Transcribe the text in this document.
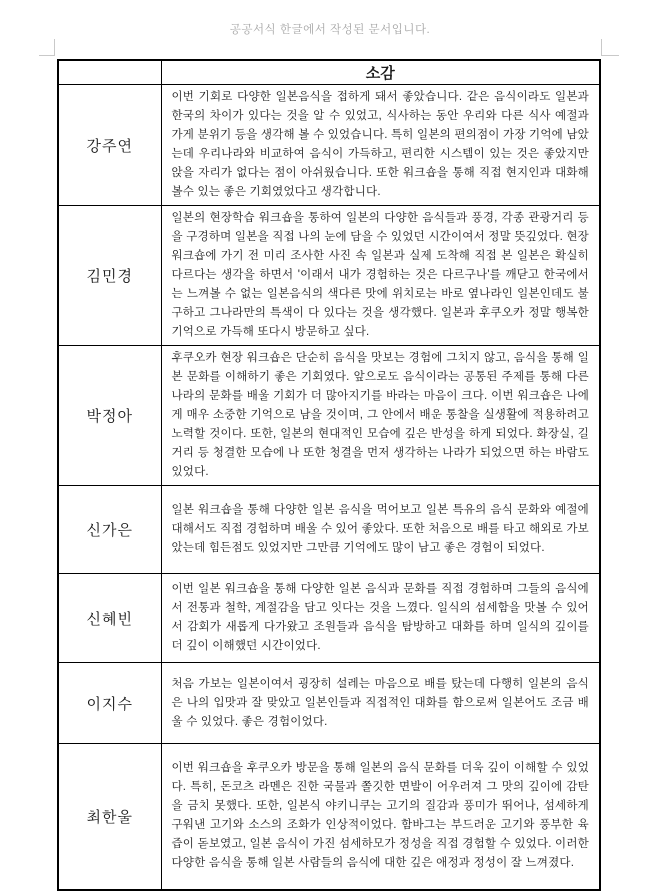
공공서식 한글에서 작성된 문서입니다.
	소감
강주연	이번 기회로 다양한 일본음식을 접하게 돼서 좋았습니다. 같은 음식이라도 일본과 한국의 차이가 있다는 것을 알 수 있었고, 식사하는 동안 우리와 다른 식사 예절과 가게 분위기 등을 생각해 볼 수 있었습니다. 특히 일본의 편의점이 가장 기억에 남았는데 우리나라와 비교하여 음식이 가득하고, 편리한 시스템이 있는 것은 좋았지만 앉을 자리가 없다는 점이 아쉬웠습니다. 또한 워크숍을 통해 직접 현지인과 대화해 볼수 있는 좋은 기회였었다고 생각합니다.
김민경	일본의 현장학습 워크숍을 통하여 일본의 다양한 음식들과 풍경, 각종 관광거리 등을 구경하며 일본을 직접 나의 눈에 담을 수 있었던 시간이여서 정말 뜻깊었다. 현장 워크숍에 가기 전 미리 조사한 사진 속 일본과 실제 도착해 직접 본 일본은 확실히 다르다는 생각을 하면서 '이래서 내가 경험하는 것은 다르구나'를 깨닫고 한국에서는 느껴볼 수 없는 일본음식의 색다른 맛에 위치로는 바로 옆나라인 일본인데도 불구하고 그나라만의 특색이 다 있다는 것을 생각했다. 일본과 후쿠오카 정말 행복한 기억으로 가득해 또다시 방문하고 싶다.
박정아	후쿠오카 현장 워크숍은 단순히 음식을 맛보는 경험에 그치지 않고, 음식을 통해 일본 문화를 이해하기 좋은 기회였다. 앞으로도 음식이라는 공통된 주제를 통해 다른 나라의 문화를 배울 기회가 더 많아지기를 바라는 마음이 크다. 이번 워크숍은 나에게 매우 소중한 기억으로 남을 것이며, 그 안에서 배운 통찰을 실생활에 적용하려고 노력할 것이다. 또한, 일본의 현대적인 모습에 깊은 반성을 하게 되었다. 화장실, 길거리 등 청결한 모습에 나 또한 청결을 먼저 생각하는 나라가 되었으면 하는 바람도 있었다.
신가은	일본 워크숍을 통해 다양한 일본 음식을 먹어보고 일본 특유의 음식 문화와 예절에 대해서도 직접 경험하며 배울 수 있어 좋았다. 또한 처음으로 배를 타고 해외로 가보았는데 힘든점도 있었지만 그만큼 기억에도 많이 남고 좋은 경험이 되었다.
신혜빈	이번 일본 워크숍을 통해 다양한 일본 음식과 문화를 직접 경험하며 그들의 음식에서 전통과 철학, 계절감을 담고 잇다는 것을 느꼈다. 일식의 섬세함을 맛볼 수 있어서 감회가 새롭게 다가왔고 조원들과 음식을 탐방하고 대화를 하며 일식의 깊이를 더 깊이 이해했던 시간이었다.
이지수	처음 가보는 일본이여서 굉장히 설레는 마음으로 배를 탔는데 다행히 일본의 음식은 나의 입맛과 잘 맞았고 일본인들과 직접적인 대화를 함으로써 일본어도 조금 배울 수 있었다. 좋은 경험이었다.
최한울	이번 워크숍을 후쿠오카 방문을 통해 일본의 음식 문화를 더욱 깊이 이해할 수 있었다. 특히, 돈코츠 라멘은 진한 국물과 쫄깃한 면발이 어우러져 그 맛의 깊이에 감탄을 금치 못했다. 또한, 일본식 야키니쿠는 고기의 질감과 풍미가 뛰어나, 섬세하게 구워낸 고기와 소스의 조화가 인상적이었다. 함바그는 부드러운 고기와 풍부한 육즙이 돋보였고, 일본 음식이 가진 섬세하모가 정성을 직접 경험할 수 있었다. 이러한 다양한 음식을 통해 일본 사람들의 음식에 대한 깊은 애정과 정성이 잘 느껴졌다.
